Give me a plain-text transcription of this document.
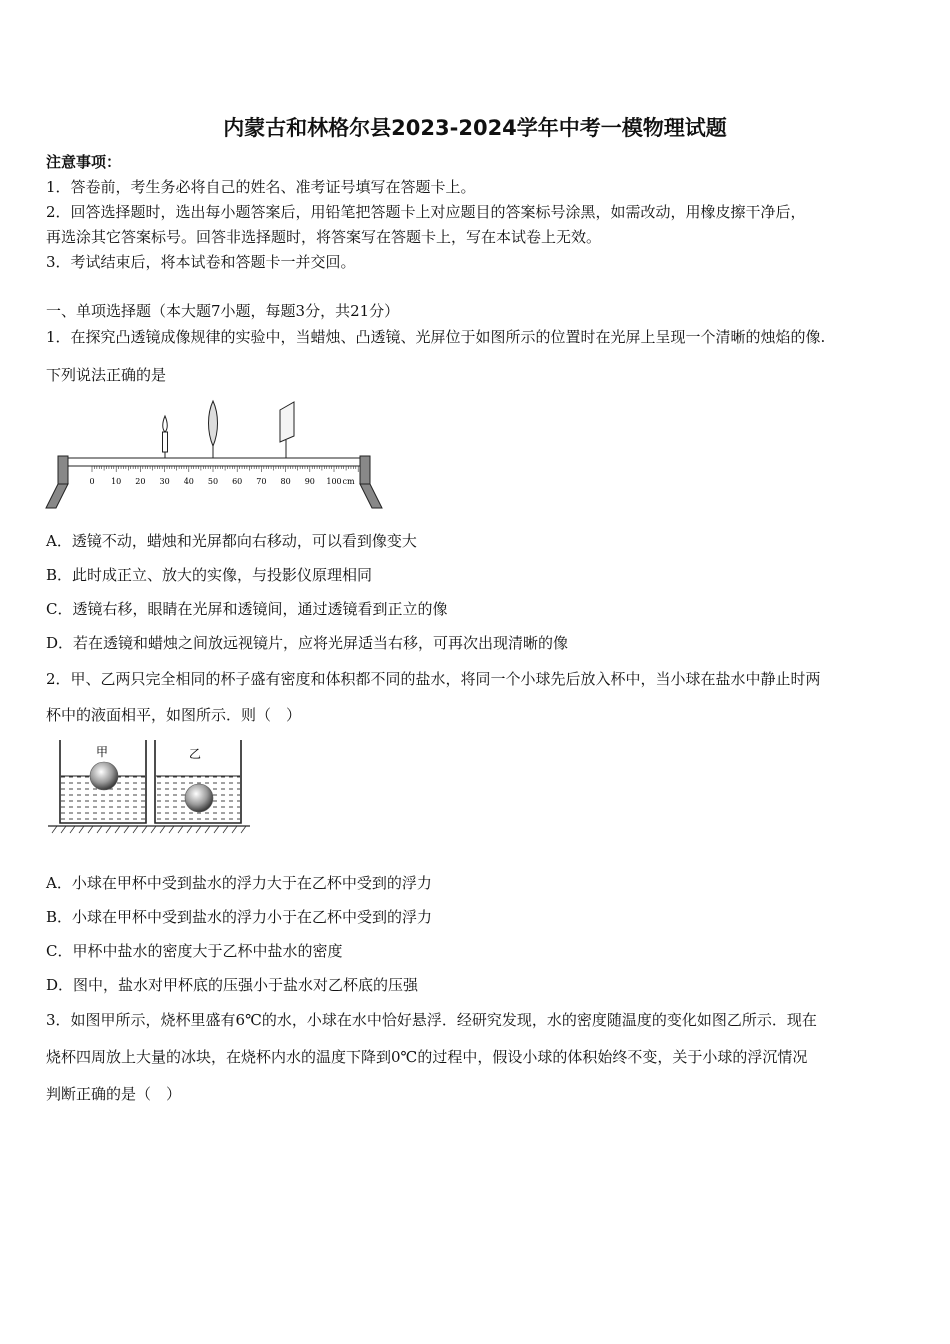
内蒙古和林格尔县2023-2024学年中考一模物理试题
注意事项：
1．答卷前，考生务必将自己的姓名、准考证号填写在答题卡上。
2．回答选择题时，选出每小题答案后，用铅笔把答题卡上对应题目的答案标号涂黑，如需改动，用橡皮擦干净后，
再选涂其它答案标号。回答非选择题时，将答案写在答题卡上，写在本试卷上无效。
3．考试结束后，将本试卷和答题卡一并交回。
一、单项选择题（本大题7小题，每题3分，共21分）
1．在探究凸透镜成像规律的实验中，当蜡烛、凸透镜、光屏位于如图所示的位置时在光屏上呈现一个清晰的烛焰的像.
下列说法正确的是
0 10 20 30 40 50 60 70 80 90 100 cm
A．透镜不动，蜡烛和光屏都向右移动，可以看到像变大
B．此时成正立、放大的实像，与投影仪原理相同
C．透镜右移，眼睛在光屏和透镜间，通过透镜看到正立的像
D．若在透镜和蜡烛之间放远视镜片，应将光屏适当右移，可再次出现清晰的像
2．甲、乙两只完全相同的杯子盛有密度和体积都不同的盐水，将同一个小球先后放入杯中，当小球在盐水中静止时两
杯中的液面相平，如图所示．则（　）
甲	乙
A．小球在甲杯中受到盐水的浮力大于在乙杯中受到的浮力
B．小球在甲杯中受到盐水的浮力小于在乙杯中受到的浮力
C．甲杯中盐水的密度大于乙杯中盐水的密度
D．图中，盐水对甲杯底的压强小于盐水对乙杯底的压强
3．如图甲所示，烧杯里盛有6℃的水，小球在水中恰好悬浮．经研究发现，水的密度随温度的变化如图乙所示．现在
烧杯四周放上大量的冰块，在烧杯内水的温度下降到0℃的过程中，假设小球的体积始终不变，关于小球的浮沉情况
判断正确的是（　）
